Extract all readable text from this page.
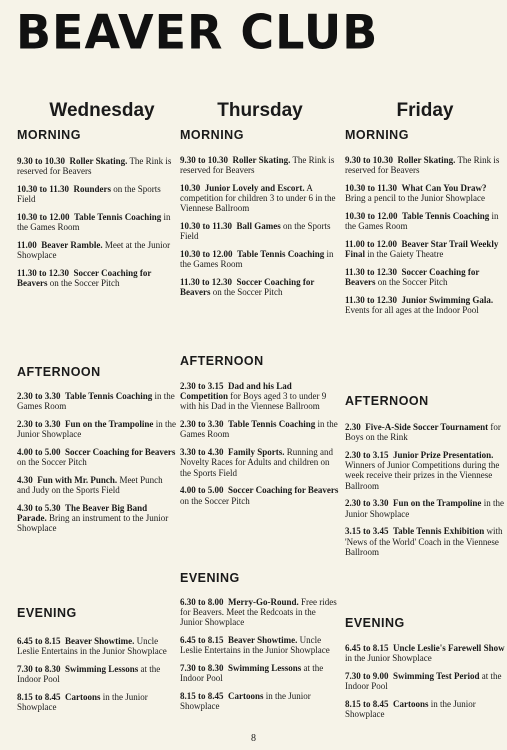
BEAVER CLUB
Wednesday
MORNING
9.30 to 10.30  Roller Skating. The Rink is reserved for Beavers
10.30 to 11.30  Rounders on the Sports Field
10.30 to 12.00  Table Tennis Coaching in the Games Room
11.00  Beaver Ramble. Meet at the Junior Showplace
11.30 to 12.30  Soccer Coaching for Beavers on the Soccer Pitch
AFTERNOON
2.30 to 3.30  Table Tennis Coaching in the Games Room
2.30 to 3.30  Fun on the Trampoline in the Junior Showplace
4.00 to 5.00  Soccer Coaching for Beavers on the Soccer Pitch
4.30  Fun with Mr. Punch. Meet Punch and Judy on the Sports Field
4.30 to 5.30  The Beaver Big Band Parade. Bring an instrument to the Junior Showplace
EVENING
6.45 to 8.15  Beaver Showtime. Uncle Leslie Entertains in the Junior Showplace
7.30 to 8.30  Swimming Lessons at the Indoor Pool
8.15 to 8.45  Cartoons in the Junior Showplace
Thursday
MORNING
9.30 to 10.30  Roller Skating. The Rink is reserved for Beavers
10.30  Junior Lovely and Escort. A competition for children 3 to under 6 in the Viennese Ballroom
10.30 to 11.30  Ball Games on the Sports Field
10.30 to 12.00  Table Tennis Coaching in the Games Room
11.30 to 12.30  Soccer Coaching for Beavers on the Soccer Pitch
AFTERNOON
2.30 to 3.15  Dad and his Lad Competition for Boys aged 3 to under 9 with his Dad in the Viennese Ballroom
2.30 to 3.30  Table Tennis Coaching in the Games Room
3.30 to 4.30  Family Sports. Running and Novelty Races for Adults and children on the Sports Field
4.00 to 5.00  Soccer Coaching for Beavers on the Soccer Pitch
EVENING
6.30 to 8.00  Merry-Go-Round. Free rides for Beavers. Meet the Redcoats in the Junior Showplace
6.45 to 8.15  Beaver Showtime. Uncle Leslie Entertains in the Junior Showplace
7.30 to 8.30  Swimming Lessons at the Indoor Pool
8.15 to 8.45  Cartoons in the Junior Showplace
Friday
MORNING
9.30 to 10.30  Roller Skating. The Rink is reserved for Beavers
10.30 to 11.30  What Can You Draw? Bring a pencil to the Junior Showplace
10.30 to 12.00  Table Tennis Coaching in the Games Room
11.00 to 12.00  Beaver Star Trail Weekly Final in the Gaiety Theatre
11.30 to 12.30  Soccer Coaching for Beavers on the Soccer Pitch
11.30 to 12.30  Junior Swimming Gala. Events for all ages at the Indoor Pool
AFTERNOON
2.30  Five-A-Side Soccer Tournament for Boys on the Rink
2.30 to 3.15  Junior Prize Presentation. Winners of Junior Competitions during the week receive their prizes in the Viennese Ballroom
2.30 to 3.30  Fun on the Trampoline in the Junior Showplace
3.15 to 3.45  Table Tennis Exhibition with 'News of the World' Coach in the Viennese Ballroom
EVENING
6.45 to 8.15  Uncle Leslie's Farewell Show in the Junior Showplace
7.30 to 9.00  Swimming Test Period at the Indoor Pool
8.15 to 8.45  Cartoons in the Junior Showplace
8
